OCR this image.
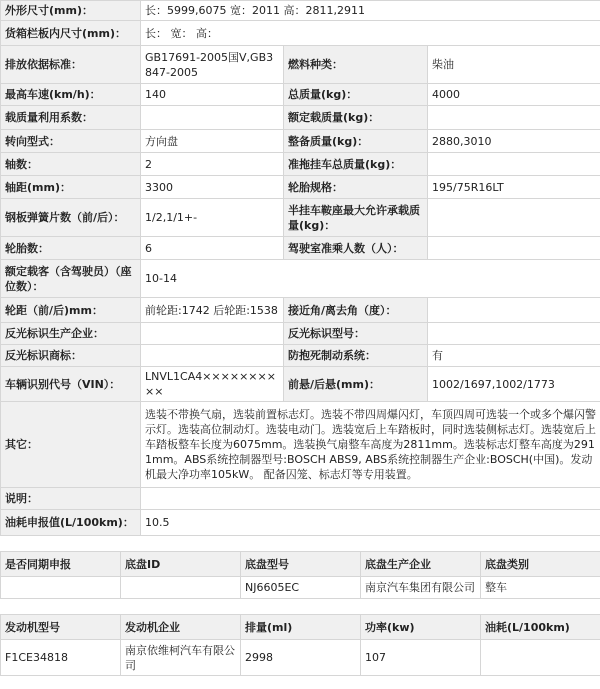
外形尺寸(mm)：	长：5999,6075 宽：2011 高：2811,2911		
货箱栏板内尺寸(mm)：	长： 宽： 高：		
排放依据标准：	GB17691-2005国Ⅴ,GB3847-2005	燃料种类：	柴油
最高车速(km/h)：	140	总质量(kg)：	4000
载质量利用系数：		额定载质量(kg)：	
转向型式：	方向盘	整备质量(kg)：	2880,3010
轴数：	2	准拖挂车总质量(kg)：	
轴距(mm)：	3300	轮胎规格：	195/75R16LT
钢板弹簧片数（前/后）：	1/2,1/1+-	半挂车鞍座最大允许承载质量(kg)：	
轮胎数：	6	驾驶室准乘人数（人）：	
额定载客（含驾驶员）（座位数）：	10-14		
轮距（前/后)mm：	前轮距:1742 后轮距:1538	接近角/离去角（度）：	
反光标识生产企业：		反光标识型号：	
反光标识商标：		防抱死制动系统：	有
车辆识别代号（VIN）：	LNVL1CA4××××××××××	前悬/后悬(mm)：	1002/1697,1002/1773
其它：	选装不带换气扇，选装前置标志灯。选装不带四周爆闪灯，车顶四周可选装一个或多个爆闪警示灯。选装高位制动灯。选装电动门。选装宽后上车踏板时，同时选装侧标志灯。选装宽后上车踏板整车长度为6075mm。选装换气扇整车高度为2811mm。选装标志灯整车高度为2911mm。ABS系统控制器型号:BOSCH ABS9, ABS系统控制器生产企业:BOSCH(中国)。发动机最大净功率105kW。 配备囚笼、标志灯等专用装置。		
说明：			
油耗申报值(L/100km)：	10.5		
是否同期申报	底盘ID	底盘型号	底盘生产企业	底盘类别
		NJ6605EC	南京汽车集团有限公司	整车
发动机型号	发动机企业	排量(ml)	功率(kw)	油耗(L/100km)
F1CE34818	南京依维柯汽车有限公司	2998	107	
